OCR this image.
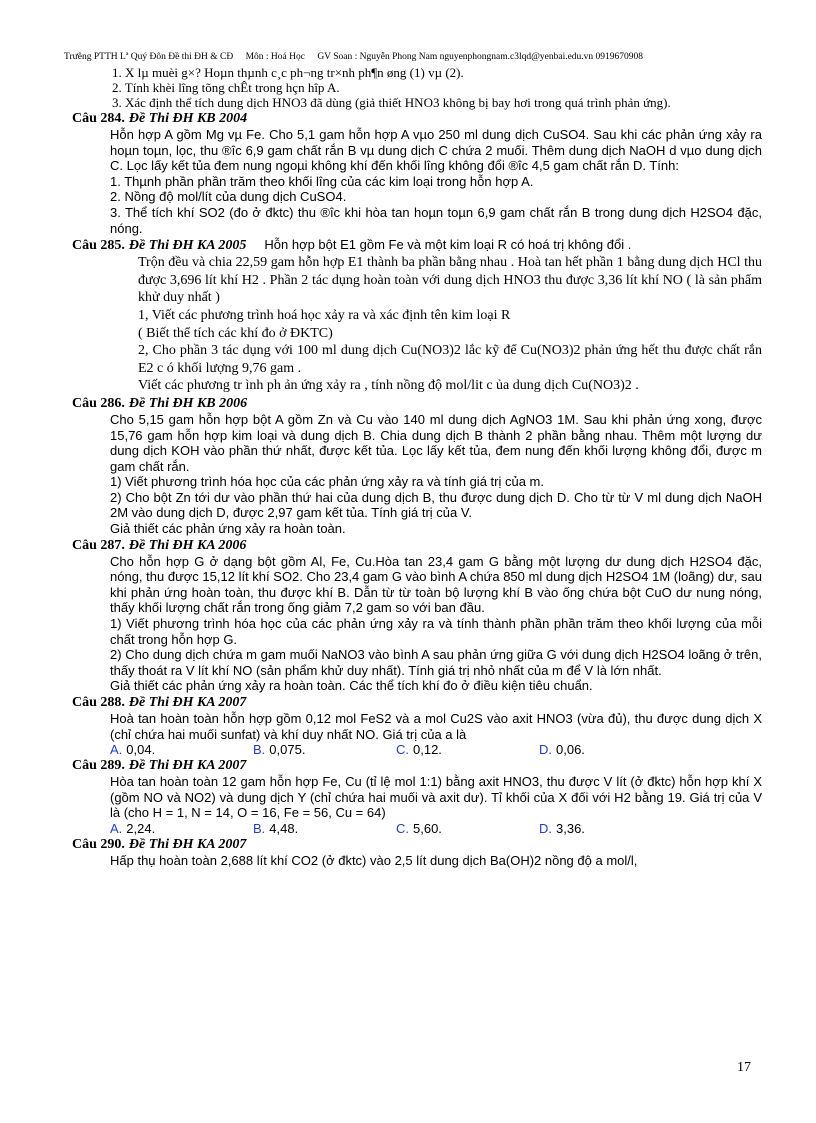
Trưêng PTTH Lª Quý Đôn Đề thi ĐH & CĐ Môn : Hoá Học GV Soan : Nguyễn Phong Nam nguyenphongnam.c3lqd@yenbai.edu.vn 0919670908
1. X lµ muèi g×? Hoµn thµnh c¸c ph¬ng tr×nh ph¶n øng (1) vµ (2).
2. Tính khèi lîng tõng chÊt trong hçn hîp A.
3. Xác định thể tích dung dịch HNO3 đã dùng (giả thiết HNO3 không bị bay hơi trong quá trình phản ứng).
Câu 284. Đề Thi ĐH KB 2004

Hỗn hợp A gồm Mg vµ Fe. Cho 5,1 gam hỗn hợp A vµo 250 ml dung dịch CuSO4. Sau khi các phản ứng xảy ra hoµn toµn, lọc, thu ®îc 6,9 gam chất rắn B vµ dung dịch C chứa 2 muối. Thêm dung dịch NaOH d vµo dung dịch C. Lọc lấy kết tủa đem nung ngoµi không khí đến khối lîng không đổi ®îc 4,5 gam chất rắn D. Tính:

1. Thµnh phần phần trăm theo khối lîng của các kim loại trong hỗn hợp A.

2. Nồng độ mol/lít của dung dịch CuSO4.

3. Thể tích khí SO2 (đo ở đktc) thu ®îc khi hòa tan hoµn toµn 6,9 gam chất rắn B trong dung dịch H2SO4 đặc, nóng.

Câu 285. Đề Thi ĐH KA 2005 Hỗn hợp bột E1 gồm Fe và một kim loại R có hoá trị không đổi .

Trộn đều và chia 22,59 gam hỗn hợp E1 thành ba phần bằng nhau . Hoà tan hết phần 1 bằng dung dịch HCl thu được 3,696 lít khí H2 . Phần 2 tác dụng hoàn toàn với dung dịch HNO3 thu được 3,36 lít khí NO ( là sản phẩm khử duy nhất )

1, Viết các phương trình hoá học xảy ra và xác định tên kim loại R

( Biết thể tích các khí đo ở ĐKTC)

2, Cho phần 3 tác dụng với 100 ml dung dịch Cu(NO3)2 lắc kỹ để Cu(NO3)2 phản ứng hết thu được chất rắn E2 c ó khối lượng 9,76 gam .

Viết các phương tr ình ph ản ứng xảy ra , tính nồng độ mol/lit c ủa dung dịch Cu(NO3)2 .

Câu 286. Đề Thi ĐH KB 2006

Cho 5,15 gam hỗn hợp bột A gồm Zn và Cu vào 140 ml dung dịch AgNO3 1M. Sau khi phản ứng xong, được 15,76 gam hỗn hợp kim loại và dung dịch B. Chia dung dịch B thành 2 phần bằng nhau. Thêm một lượng dư dung dịch KOH vào phần thứ nhất, được kết tủa. Lọc lấy kết tủa, đem nung đến khối lượng không đổi, được m gam chất rắn.

1) Viết phương trình hóa học của các phản ứng xảy ra và tính giá trị của m.

2) Cho bột Zn tới dư vào phần thứ hai của dung dịch B, thu được dung dịch D. Cho từ từ V ml dung dịch NaOH 2M vào dung dịch D, được 2,97 gam kết tủa. Tính giá trị của V.

Giả thiết các phản ứng xảy ra hoàn toàn.

Câu 287. Đề Thi ĐH KA 2006

Cho hỗn hợp G ở dạng bột gồm Al, Fe, Cu.Hòa tan 23,4 gam G bằng một lượng dư dung dịch H2SO4 đặc, nóng, thu được 15,12 lít khí SO2. Cho 23,4 gam G vào bình A chứa 850 ml dung dịch H2SO4 1M (loãng) dư, sau khi phản ứng hoàn toàn, thu được khí B. Dẫn từ từ toàn bộ lượng khí B vào ống chứa bột CuO dư nung nóng, thấy khối lượng chất rắn trong ống giảm 7,2 gam so với ban đầu.

1) Viết phương trình hóa học của các phản ứng xảy ra và tính thành phần phần trăm theo khối lượng của mỗi chất trong hỗn hợp G.

2) Cho dung dịch chứa m gam muối NaNO3 vào bình A sau phản ứng giữa G với dung dịch H2SO4 loãng ở trên, thấy thoát ra V lít khí NO (sản phẩm khử duy nhất). Tính giá trị nhỏ nhất của m để V là lớn nhất.

Giả thiết các phản ứng xảy ra hoàn toàn. Các thể tích khí đo ở điều kiện tiêu chuẩn.

Câu 288. Đề Thi ĐH KA 2007

Hoà tan hoàn toàn hỗn hợp gồm 0,12 mol FeS2 và a mol Cu2S vào axit HNO3 (vừa đủ), thu được dung dịch X (chỉ chứa hai muối sunfat) và khí duy nhất NO. Giá trị của a là

A. 0,04.	B. 0,075.	C. 0,12.	D. 0,06.
Câu 289. Đề Thi ĐH KA 2007

Hòa tan hoàn toàn 12 gam hỗn hợp Fe, Cu (tỉ lệ mol 1:1) bằng axit HNO3, thu được V lít (ở đktc) hỗn hợp khí X (gồm NO và NO2) và dung dịch Y (chỉ chứa hai muối và axit dư). Tỉ khối của X đối với H2 bằng 19. Giá trị của V là (cho H = 1, N = 14, O = 16, Fe = 56, Cu = 64)

A. 2,24.	B. 4,48.	C. 5,60.	D. 3,36.
Câu 290. Đề Thi ĐH KA 2007

Hấp thụ hoàn toàn 2,688 lít khí CO2 (ở đktc) vào 2,5 lít dung dịch Ba(OH)2 nồng độ a mol/l,

17
